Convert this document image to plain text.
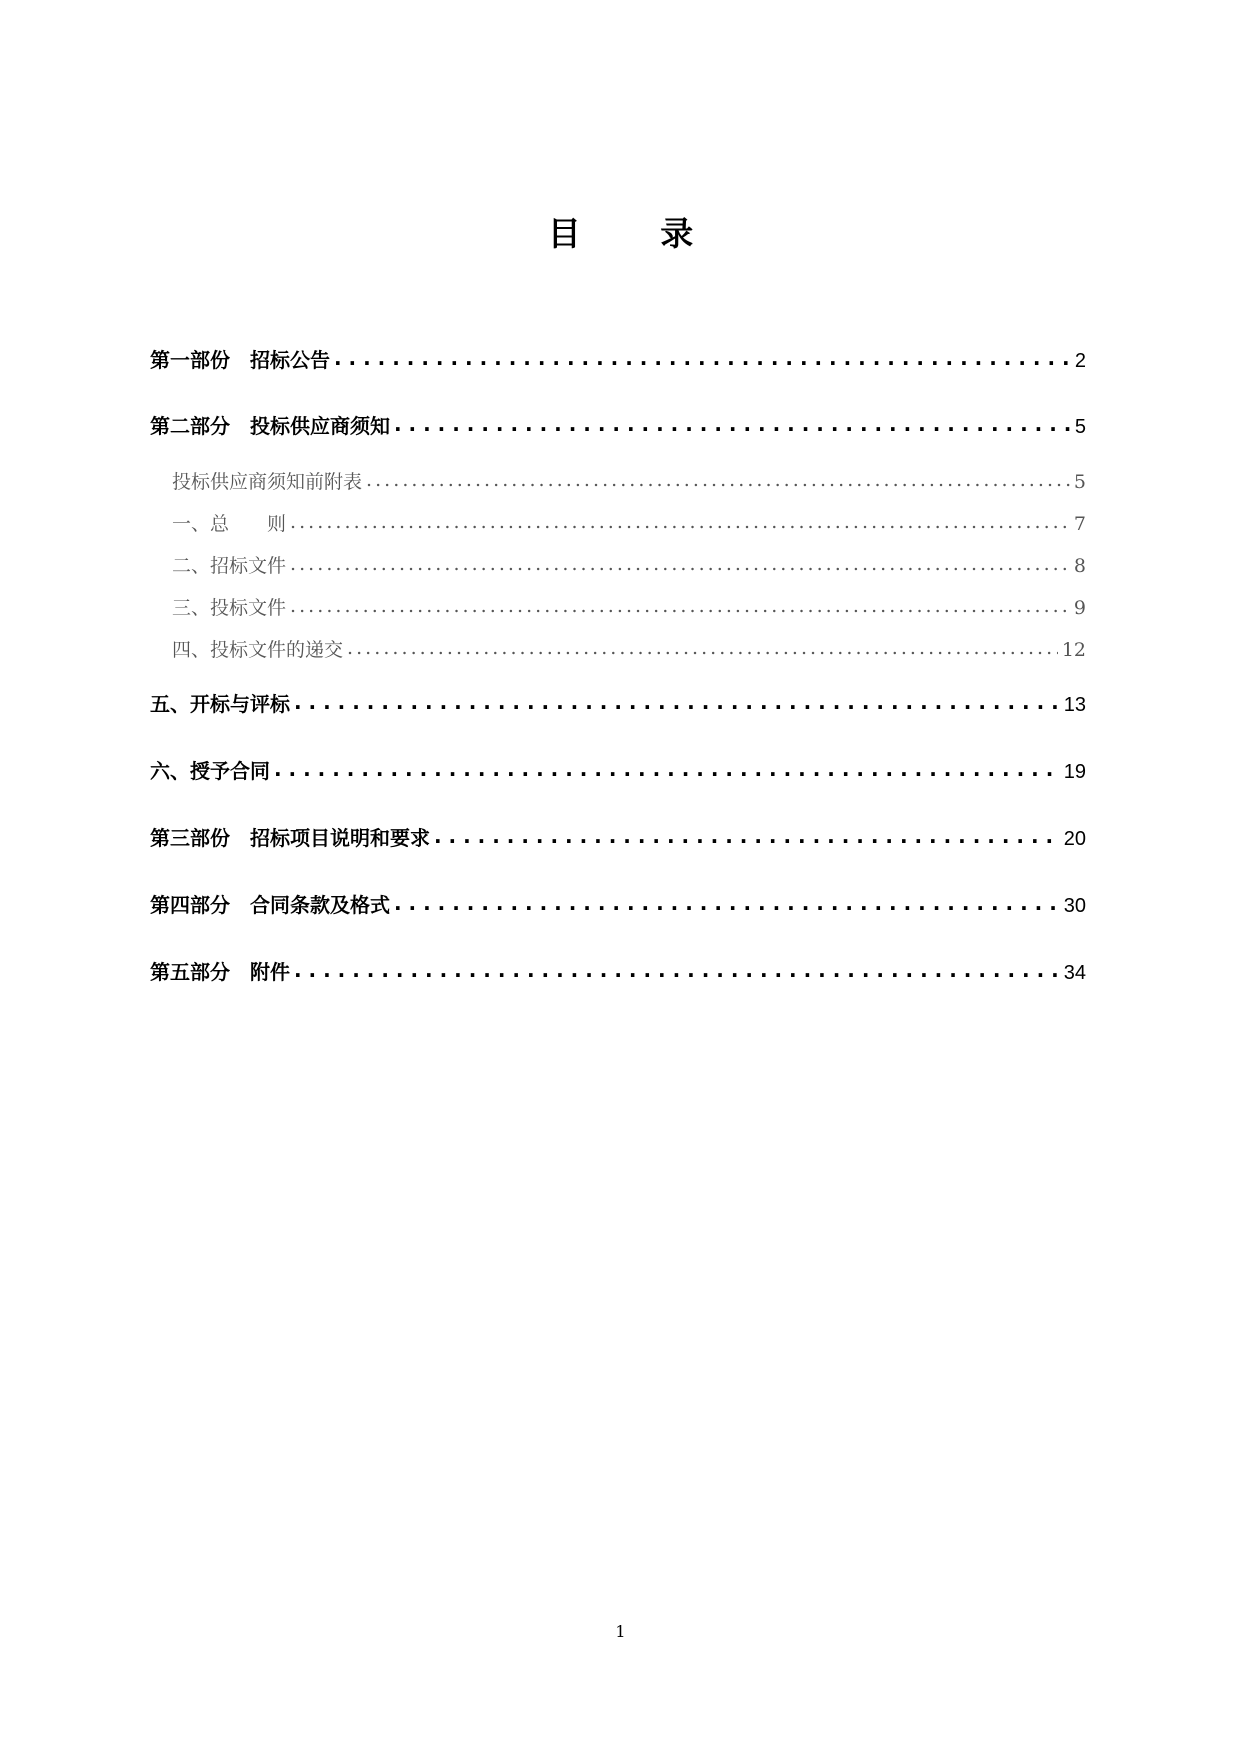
目 录
第一部份　招标公告 . . .	2
第二部分　投标供应商须知 . . .	5
投标供应商须知前附表 . . .	5
一、总　　则 . . .	7
二、招标文件 . . .	8
三、投标文件 . . .	9
四、投标文件的递交 . . .	12
五、开标与评标 . . .	13
六、授予合同 . . .	19
第三部份　招标项目说明和要求 . . .	20
第四部分　合同条款及格式 . . .	30
第五部分　附件 . . .	34
1
